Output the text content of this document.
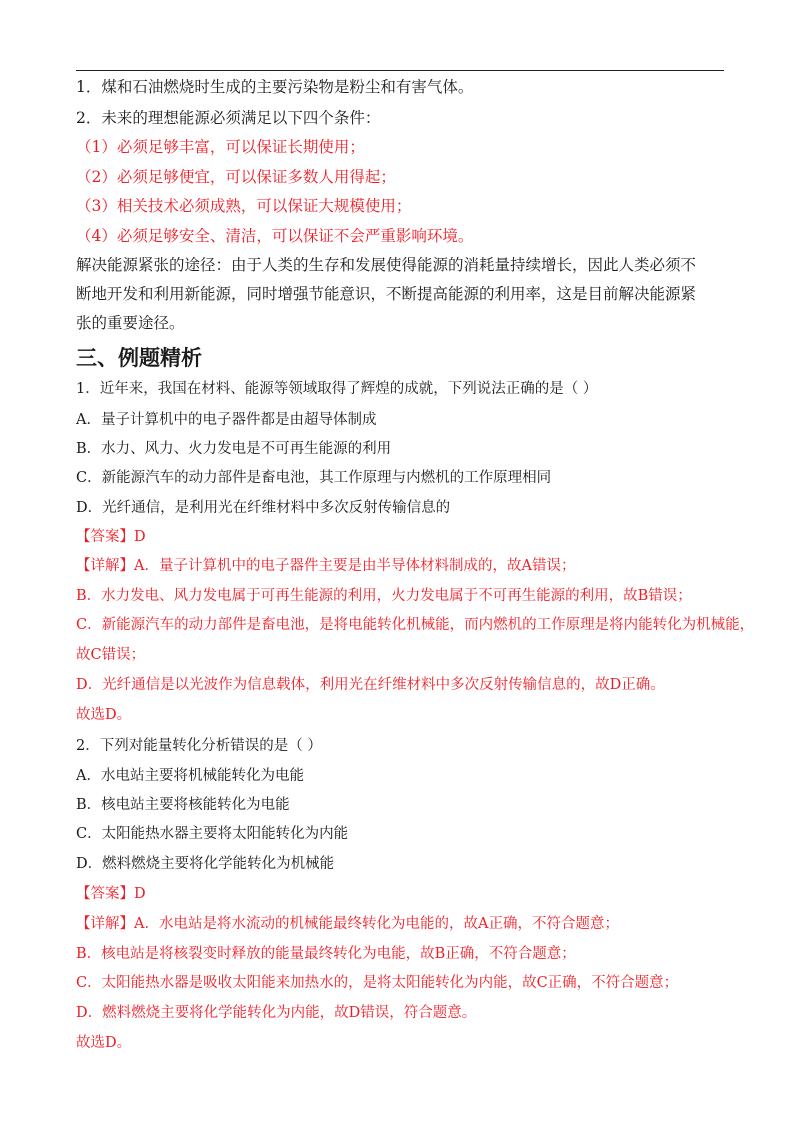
1．煤和石油燃烧时生成的主要污染物是粉尘和有害气体。
2．未来的理想能源必须满足以下四个条件：
（1）必须足够丰富，可以保证长期使用；
（2）必须足够便宜，可以保证多数人用得起；
（3）相关技术必须成熟，可以保证大规模使用；
（4）必须足够安全、清洁，可以保证不会严重影响环境。
解决能源紧张的途径：由于人类的生存和发展使得能源的消耗量持续增长，因此人类必须不
断地开发和利用新能源，同时增强节能意识，不断提高能源的利用率，这是目前解决能源紧
张的重要途径。
三、例题精析
1．近年来，我国在材料、能源等领域取得了辉煌的成就，下列说法正确的是（ ）
A．量子计算机中的电子器件都是由超导体制成
B．水力、风力、火力发电是不可再生能源的利用
C．新能源汽车的动力部件是畜电池，其工作原理与内燃机的工作原理相同
D．光纤通信，是利用光在纤维材料中多次反射传输信息的
【答案】D
【详解】A．量子计算机中的电子器件主要是由半导体材料制成的，故A错误；
B．水力发电、风力发电属于可再生能源的利用，火力发电属于不可再生能源的利用，故B错误；
C．新能源汽车的动力部件是畜电池，是将电能转化机械能，而内燃机的工作原理是将内能转化为机械能，
故C错误；
D．光纤通信是以光波作为信息载体，利用光在纤维材料中多次反射传输信息的，故D正确。
故选D。
2．下列对能量转化分析错误的是（ ）
A．水电站主要将机械能转化为电能
B．核电站主要将核能转化为电能
C．太阳能热水器主要将太阳能转化为内能
D．燃料燃烧主要将化学能转化为机械能
【答案】D
【详解】A．水电站是将水流动的机械能最终转化为电能的，故A正确，不符合题意；
B．核电站是将核裂变时释放的能量最终转化为电能，故B正确，不符合题意；
C．太阳能热水器是吸收太阳能来加热水的，是将太阳能转化为内能，故C正确，不符合题意；
D．燃料燃烧主要将化学能转化为内能，故D错误，符合题意。
故选D。
